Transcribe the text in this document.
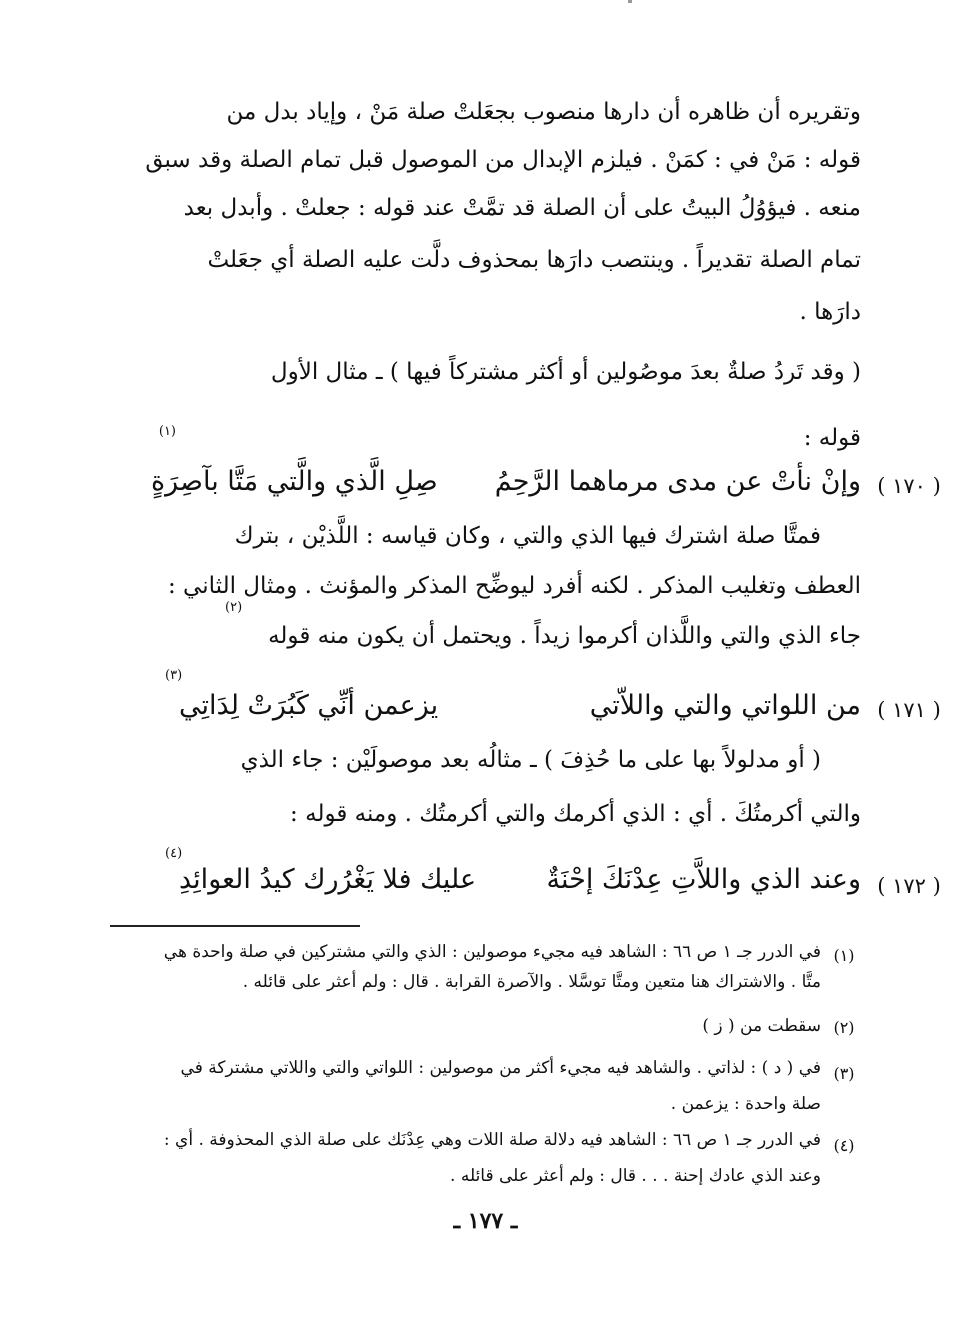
وتقريره أن ظاهره أن دارها منصوب بجعَلتْ صلة مَنْ ، وإياد بدل من
قوله : مَنْ في : كمَنْ . فيلزم الإبدال من الموصول قبل تمام الصلة وقد سبق
منعه . فيؤوُلُ البيتُ على أن الصلة قد تمَّتْ عند قوله : جعلتْ . وأبدل بعد
تمام الصلة تقديراً . وينتصب دارَها بمحذوف دلَّت عليه الصلة أي جعَلتْ
دارَها .
( وقد تَردُ صلةٌ بعدَ موصُولين أو أكثر مشتركاً فيها ) ـ مثال الأول
قوله :
(١)
( ١٧٠ )
وإنْ نأتْ عن مدى مرماهما الرَّحِمُ
صِلِ الَّذي والَّتي مَتَّا بآصِرَةٍ
فمتَّا صلة اشترك فيها الذي والتي ، وكان قياسه : اللَّذيْن ، بترك
العطف وتغليب المذكر . لكنه أفرد ليوضِّح المذكر والمؤنث . ومثال الثاني :
جاء الذي والتي واللَّذان أكرموا زيداً . ويحتمل أن يكون منه قوله
(٢)
( ١٧١ )
من اللواتي والتي واللاّتي
يزعمن أنِّي كَبُرَتْ لِدَاتِي
(٣)
( أو مدلولاً بها على ما حُذِفَ ) ـ مثالُه بعد موصولَيْن : جاء الذي
والتي أكرمتُكَ . أي : الذي أكرمك والتي أكرمتُك . ومنه قوله :
( ١٧٢ )
وعند الذي واللاَّتِ عِدْنَكَ إحْنَةٌ
عليك فلا يَغْرُرك كيدُ العوائِدِ
(٤)
(١)
في الدرر جـ ١ ص ٦٦ : الشاهد فيه مجيء موصولين : الذي والتي مشتركين في صلة واحدة هي
متَّا . والاشتراك هنا متعين ومتَّا توسَّلا . والآصرة القرابة . قال : ولم أعثر على قائله .
(٢)
سقطت من ( ز )
(٣)
في ( د ) : لذاتي . والشاهد فيه مجيء أكثر من موصولين : اللواتي والتي واللاتي مشتركة في
صلة واحدة : يزعمن .
(٤)
في الدرر جـ ١ ص ٦٦ : الشاهد فيه دلالة صلة اللات وهي عِدْنَك على صلة الذي المحذوفة . أي :
وعند الذي عادك إحنة . . . قال : ولم أعثر على قائله .
ـ ١٧٧ ـ
